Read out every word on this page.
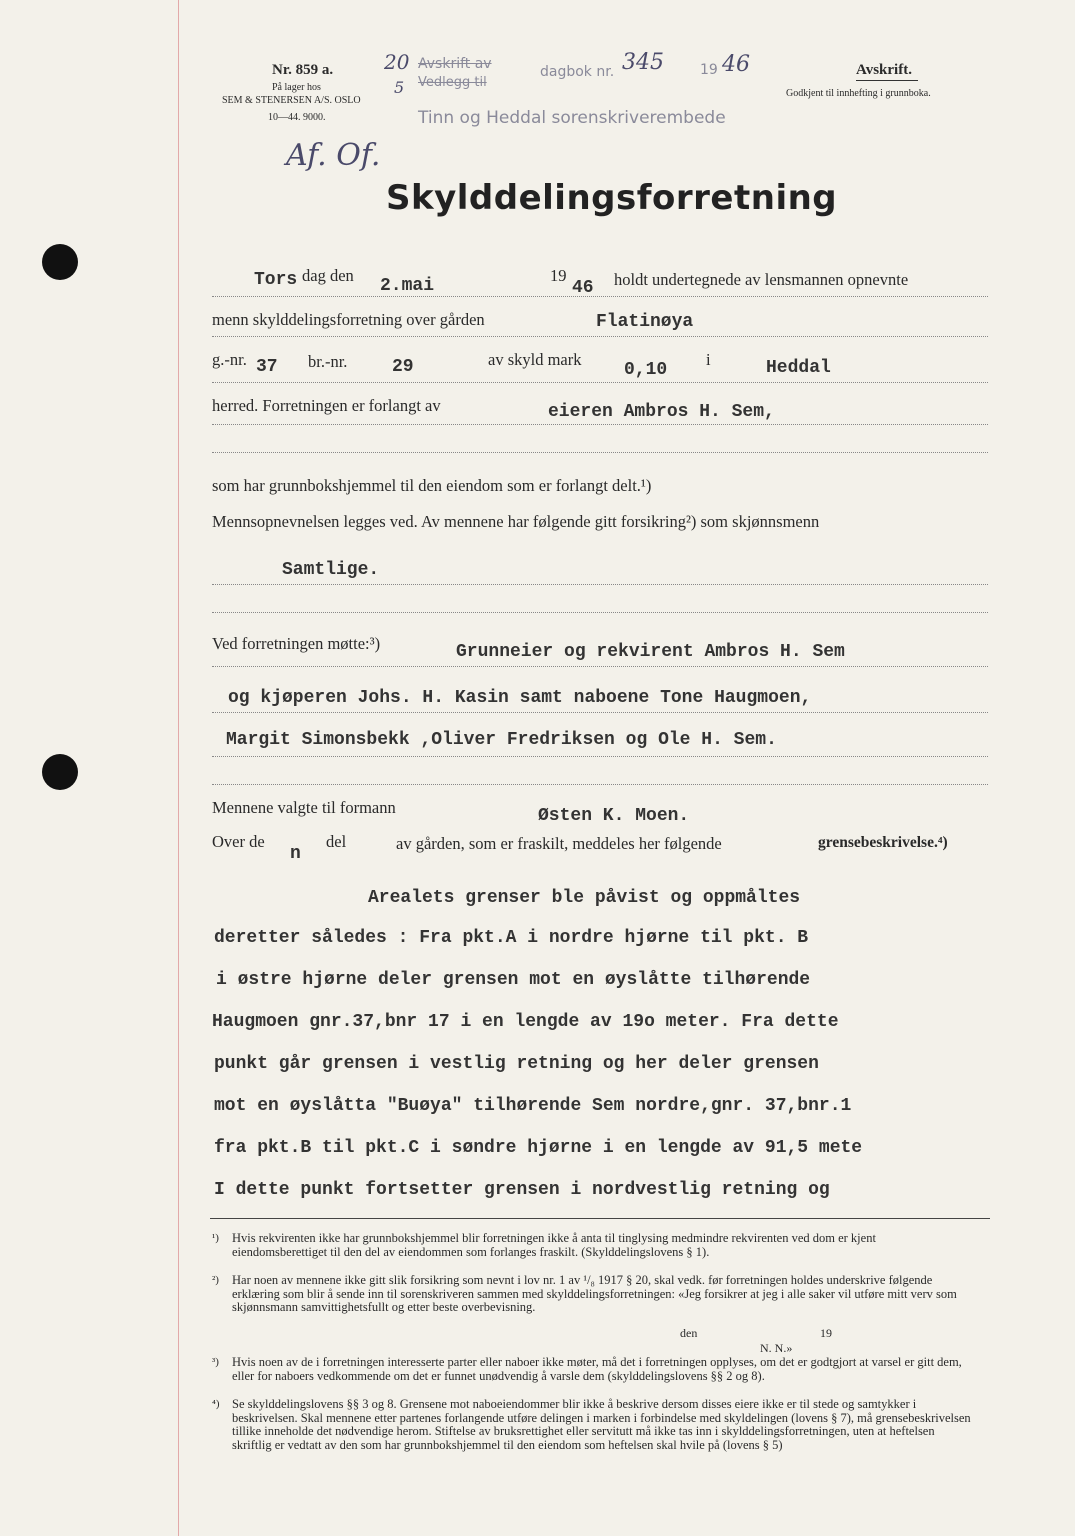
Nr. 859 a.
På lager hos
SEM & STENERSEN A/S. OSLO
10—44. 9000.
20
5
Avskrift av
Vedlegg til
dagbok nr. 345	19 46
Tinn og Heddal sorenskriverembede
Af. Of.
Avskrift.
Godkjent til innhefting i grunnboka.
Skylddelingsforretning
Tors dag den
2.mai
19
46 holdt undertegnede av lensmannen opnevnte
menn skylddelingsforretning over gården	Flatinøya
g.-nr. 37 br.-nr. 29	av skyld mark
0,10
i	Heddal
herred. Forretningen er forlangt av	eieren Ambros H. Sem,
som har grunnbokshjemmel til den eiendom som er forlangt delt.¹)
Mennsopnevnelsen legges ved. Av mennene har følgende gitt forsikring²) som skjønnsmenn
Samtlige.
Ved forretningen møtte:³)	Grunneier og rekvirent Ambros H. Sem
og kjøperen Johs. H. Kasin samt naboene Tone Haugmoen,
Margit Simonsbekk ,Oliver Fredriksen og Ole H. Sem.
Mennene valgte til formann	Østen K. Moen.
Over de
n
del	av gården, som er fraskilt, meddeles her følgende	grensebeskrivelse.⁴)
Arealets grenser ble påvist og oppmåltes
deretter således : Fra pkt.A i nordre hjørne til pkt. B
i østre hjørne deler grensen mot en øyslåtte tilhørende
Haugmoen gnr.37,bnr 17 i en lengde av 19o meter. Fra dette
punkt går grensen i vestlig retning og her deler grensen
mot en øyslåtta "Buøya" tilhørende Sem nordre,gnr. 37,bnr.1
fra pkt.B til pkt.C i søndre hjørne i en lengde av 91,5 mete
I dette punkt fortsetter grensen i nordvestlig retning og
¹) Hvis rekvirenten ikke har grunnbokshjemmel blir forretningen ikke å anta til tinglysing medmindre rekvirenten ved dom er kjent eiendomsberettiget til den del av eiendommen som forlanges fraskilt. (Skylddelingslovens § 1).
²) Har noen av mennene ikke gitt slik forsikring som nevnt i lov nr. 1 av ¹/₈ 1917 § 20, skal vedk. før forretningen holdes underskrive følgende erklæring som blir å sende inn til sorenskriveren sammen med skylddelingsforretningen: «Jeg forsikrer at jeg i alle saker vil utføre mitt verv som skjønnsmann samvittighetsfullt og etter beste overbevisning.
den	19
N. N.»
³) Hvis noen av de i forretningen interesserte parter eller naboer ikke møter, må det i forretningen opplyses, om det er godtgjort at varsel er gitt dem, eller for naboers vedkommende om det er funnet unødvendig å varsle dem (skylddelingslovens §§ 2 og 8).
⁴) Se skylddelingslovens §§ 3 og 8. Grensene mot naboeiendommer blir ikke å beskrive dersom disses eiere ikke er til stede og samtykker i beskrivelsen. Skal mennene etter partenes forlangende utføre delingen i marken i forbindelse med skyldelingen (lovens § 7), må grensebeskrivelsen tillike inneholde det nødvendige herom. Stiftelse av bruksrettighet eller servitutt må ikke tas inn i skylddelingsforretningen, uten at heftelsen skriftlig er vedtatt av den som har grunnbokshjemmel til den eiendom som heftelsen skal hvile på (lovens § 5)
